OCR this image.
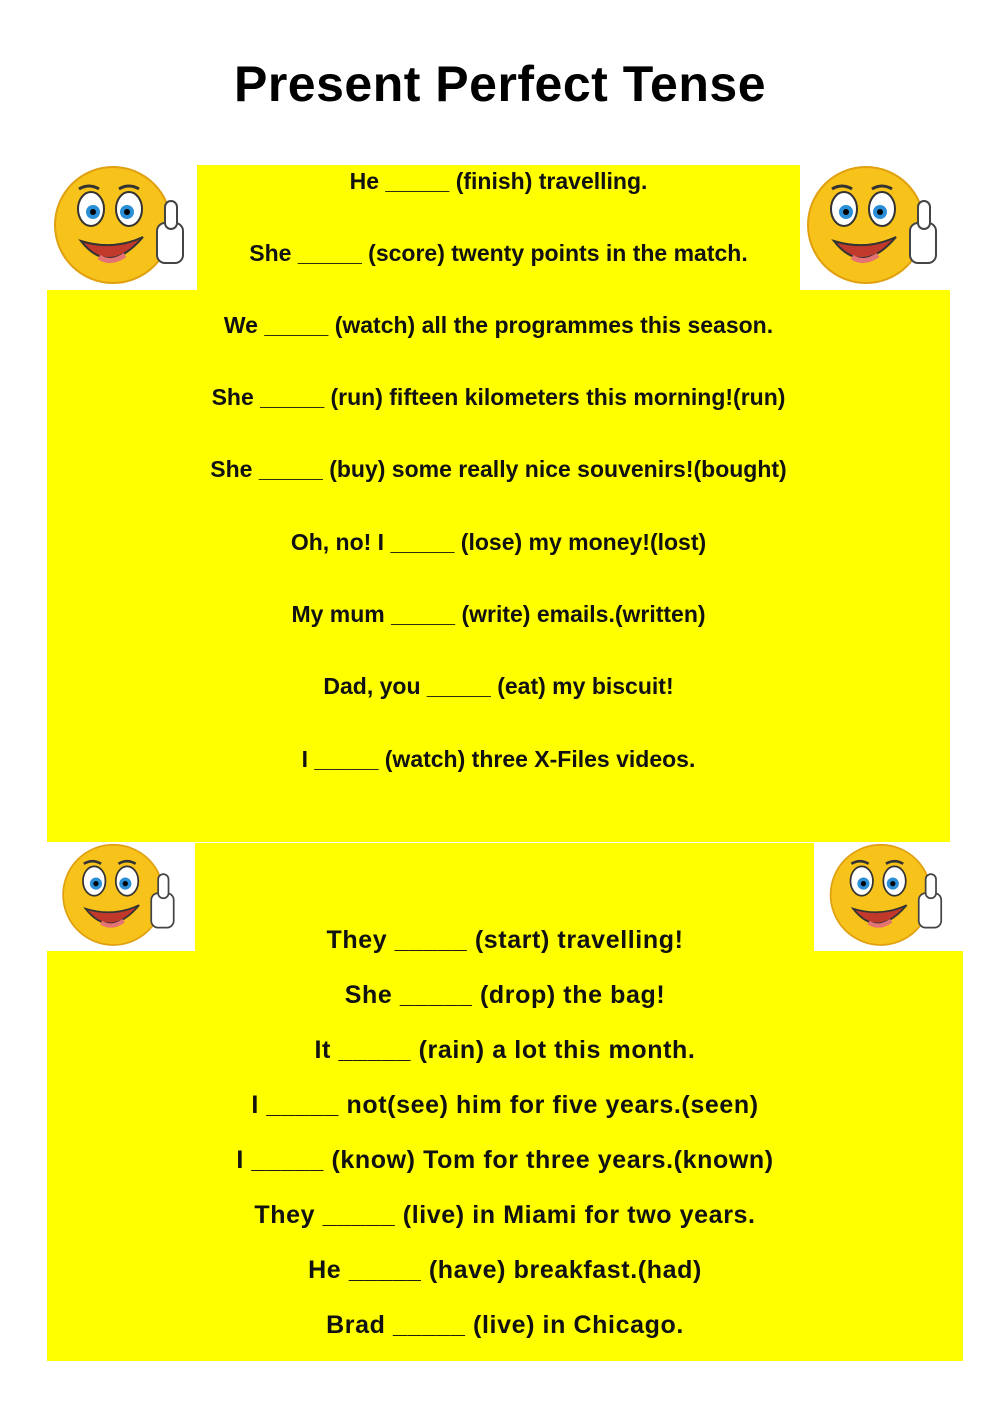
Present Perfect Tense
He _____ (finish) travelling.
She _____ (score) twenty points in the match.
We _____ (watch) all the programmes this season.
She _____ (run) fifteen kilometers this morning!(run)
She _____ (buy) some really nice souvenirs!(bought)
Oh, no! I _____ (lose) my money!(lost)
My mum _____ (write) emails.(written)
Dad, you _____ (eat) my biscuit!
I _____ (watch) three X-Files videos.
They _____ (start) travelling!
She _____ (drop) the bag!
It _____ (rain) a lot this month.
I _____ not(see) him for five years.(seen)
I _____ (know) Tom for three years.(known)
They _____ (live) in Miami for two years.
He _____ (have) breakfast.(had)
Brad _____ (live) in Chicago.
